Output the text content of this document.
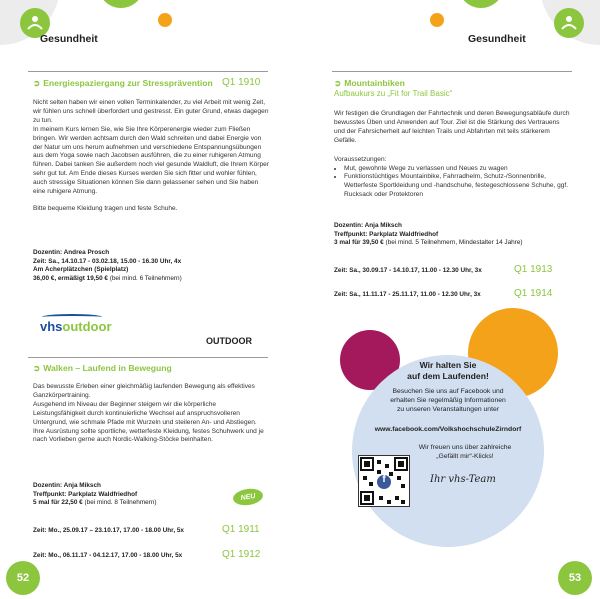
Gesundheit
➲ Energiespaziergang zur Stressprävention Q1 1910

Nicht selten haben wir einen vollen Terminkalender, zu viel Arbeit mit wenig Zeit, wir fühlen uns schnell überfordert und gestresst. Ein guter Grund, etwas dagegen zu tun.

In meinem Kurs lernen Sie, wie Sie Ihre Körperenergie wieder zum Fließen bringen. Wir werden achtsam durch den Wald schreiten und dabei Energie von der Natur um uns herum aufnehmen und verschiedene Entspannungsübungen aus dem Yoga sowie nach Jacobsen ausführen, die zu einer ruhigeren Atmung führen. Dabei tanken Sie außerdem noch viel gesunde Waldluft, die Ihrem Körper sehr gut tut. Am Ende dieses Kurses werden Sie sich fitter und wohler fühlen, auch stressige Situationen können Sie dann gelassener sehen und Sie haben eine ruhigere Atmung.

Bitte bequeme Kleidung tragen und feste Schuhe.

Dozentin: Andrea Prosch
Zeit: Sa., 14.10.17 - 03.02.18, 15.00 - 16.30 Uhr, 4x
Am Acherplätzchen (Spielplatz)
36,00 €, ermäßigt 19,50 € (bei mind. 6 Teilnehmern)
vhsoutdoor
OUTDOOR
➲ Walken – Laufend in Bewegung

Das bewusste Erleben einer gleichmäßig laufenden Bewegung als effektives Ganzkörpertraining.

Ausgehend im Niveau der Beginner steigern wir die körperliche Leistungsfähigkeit durch kontinuierliche Wechsel auf anspruchsvolleren Untergrund, wie schmale Pfade mit Wurzeln und steileren An- und Abstiegen.

Ihre Ausrüstung sollte sportliche, wetterfeste Kleidung, festes Schuhwerk und je nach Vorlieben gerne auch Nordic-Walking-Stöcke beinhalten.

Dozentin: Anja Miksch
Treffpunkt: Parkplatz Waldfriedhof
5 mal für 22,50 € (bei mind. 8 Teilnehmern)
NEU
Zeit: Mo., 25.09.17 – 23.10.17, 17.00 - 18.00 Uhr, 5x	Q1 1911
Zeit: Mo., 06.11.17 - 04.12.17, 17.00 - 18.00 Uhr, 5x	Q1 1912
52
Gesundheit
➲ Mountainbiken
Aufbaukurs zu „Fit for Trail Basic“

Wir festigen die Grundlagen der Fahrtechnik und deren Bewegungsabläufe durch bewusstes Üben und Anwenden auf Tour. Ziel ist die Stärkung des Vertrauens und der Fahrsicherheit auf leichten Trails und Abfahrten mit teils stärkerem Gefälle.

Voraussetzungen:

• Mut, gewohnte Wege zu verlassen und Neues zu wagen
• Funktionstüchtiges Mountainbike, Fahrradhelm, Schutz-/Sonnenbrille, Wetterfeste Sportkleidung und -handschuhe, festegeschlossene Schuhe, ggf. Rucksack oder Protektoren
Dozentin: Anja Miksch
Treffpunkt: Parkplatz Waldfriedhof
3 mal für 39,50 € (bei mind. 5 Teilnehmern, Mindestalter 14 Jahre)
Zeit: Sa., 30.09.17 - 14.10.17, 11.00 - 12.30 Uhr, 3x	Q1 1913
Zeit: Sa., 11.11.17 - 25.11.17, 11.00 - 12.30 Uhr, 3x	Q1 1914
Wir halten Sie
auf dem Laufenden!
Besuchen Sie uns auf Facebook und
erhalten Sie regelmäßig Informationen
zu unseren Veranstaltungen unter
www.facebook.com/VolkshochschuleZirndorf
Wir freuen uns über zahlreiche
„Gefällt mir“-Klicks!
f	Ihr vhs-Team
53
